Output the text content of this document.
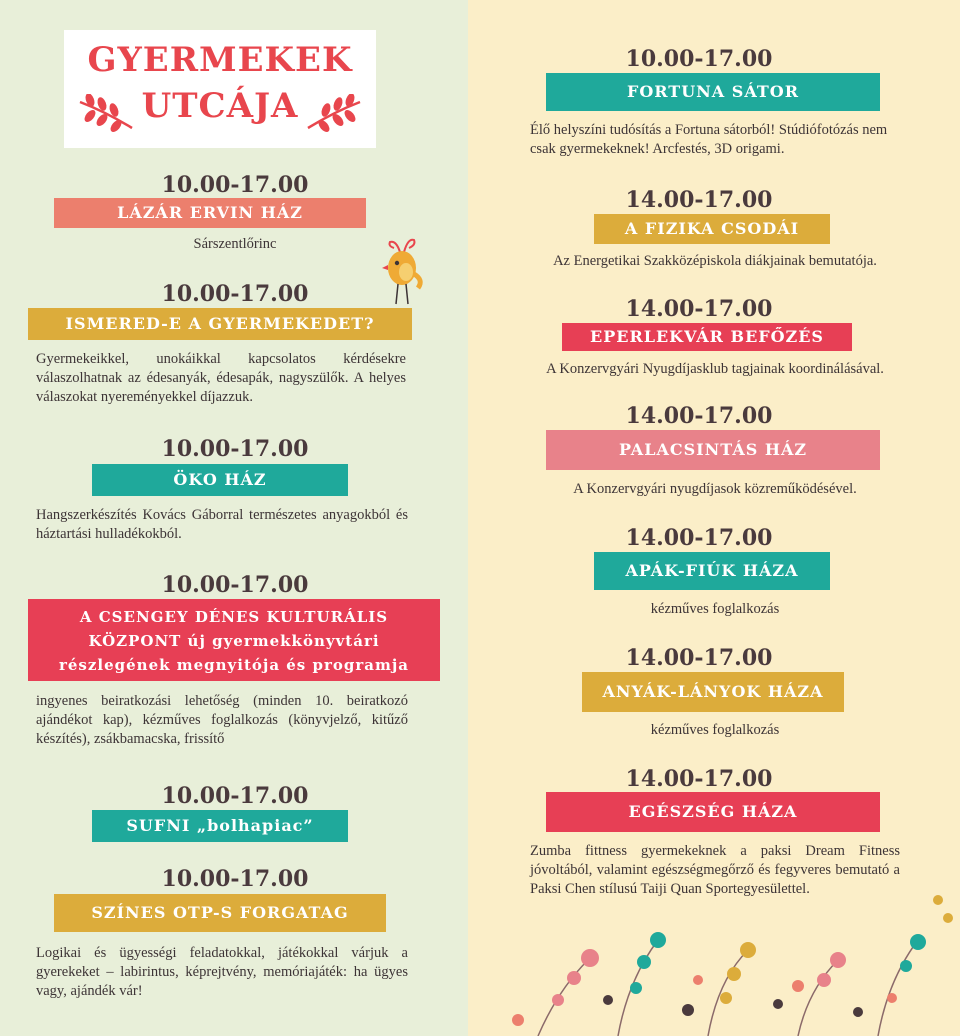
GYERMEKEK
UTCÁJA
10.00-17.00
LÁZÁR ERVIN HÁZ
Sárszentlőrinc
10.00-17.00
ISMERED-E A GYERMEKEDET?
Gyermekeikkel, unokáikkal kapcsolatos kérdésekre válaszolhatnak az édesanyák, édesapák, nagyszülők. A helyes válaszokat nyereményekkel díjazzuk.
10.00-17.00
ÖKO HÁZ
Hangszerkészítés Kovács Gáborral természetes anyagokból és háztartási hulladékokból.
10.00-17.00
A CSENGEY DÉNES KULTURÁLIS
KÖZPONT új gyermekkönyvtári
részlegének megnyitója és programja
ingyenes beiratkozási lehetőség (minden 10. beiratkozó ajándékot kap), kézműves foglalkozás (könyvjelző, kitűző készítés), zsákbamacska, frissítő
10.00-17.00
SUFNI „bolhapiac”
10.00-17.00
SZÍNES OTP-S FORGATAG
Logikai és ügyességi feladatokkal, játékokkal várjuk a gyerekeket – labirintus, képrejtvény, memóriajáték: ha ügyes vagy, ajándék vár!
10.00-17.00
FORTUNA SÁTOR
Élő helyszíni tudósítás a Fortuna sátorból! Stúdiófotózás nem csak gyermekeknek! Arcfestés, 3D origami.
14.00-17.00
A FIZIKA CSODÁI
Az Energetikai Szakközépiskola diákjainak bemutatója.
14.00-17.00
EPERLEKVÁR BEFŐZÉS
A Konzervgyári Nyugdíjasklub tagjainak koordinálásával.
14.00-17.00
PALACSINTÁS HÁZ
A Konzervgyári nyugdíjasok közreműködésével.
14.00-17.00
APÁK-FIÚK HÁZA
kézműves foglalkozás
14.00-17.00
ANYÁK-LÁNYOK HÁZA
kézműves foglalkozás
14.00-17.00
EGÉSZSÉG HÁZA
Zumba fittness gyermekeknek a paksi Dream Fitness jóvoltából, valamint egészségmegőrző és fegyveres bemutató a Paksi Chen stílusú Taiji Quan Sportegyesülettel.
